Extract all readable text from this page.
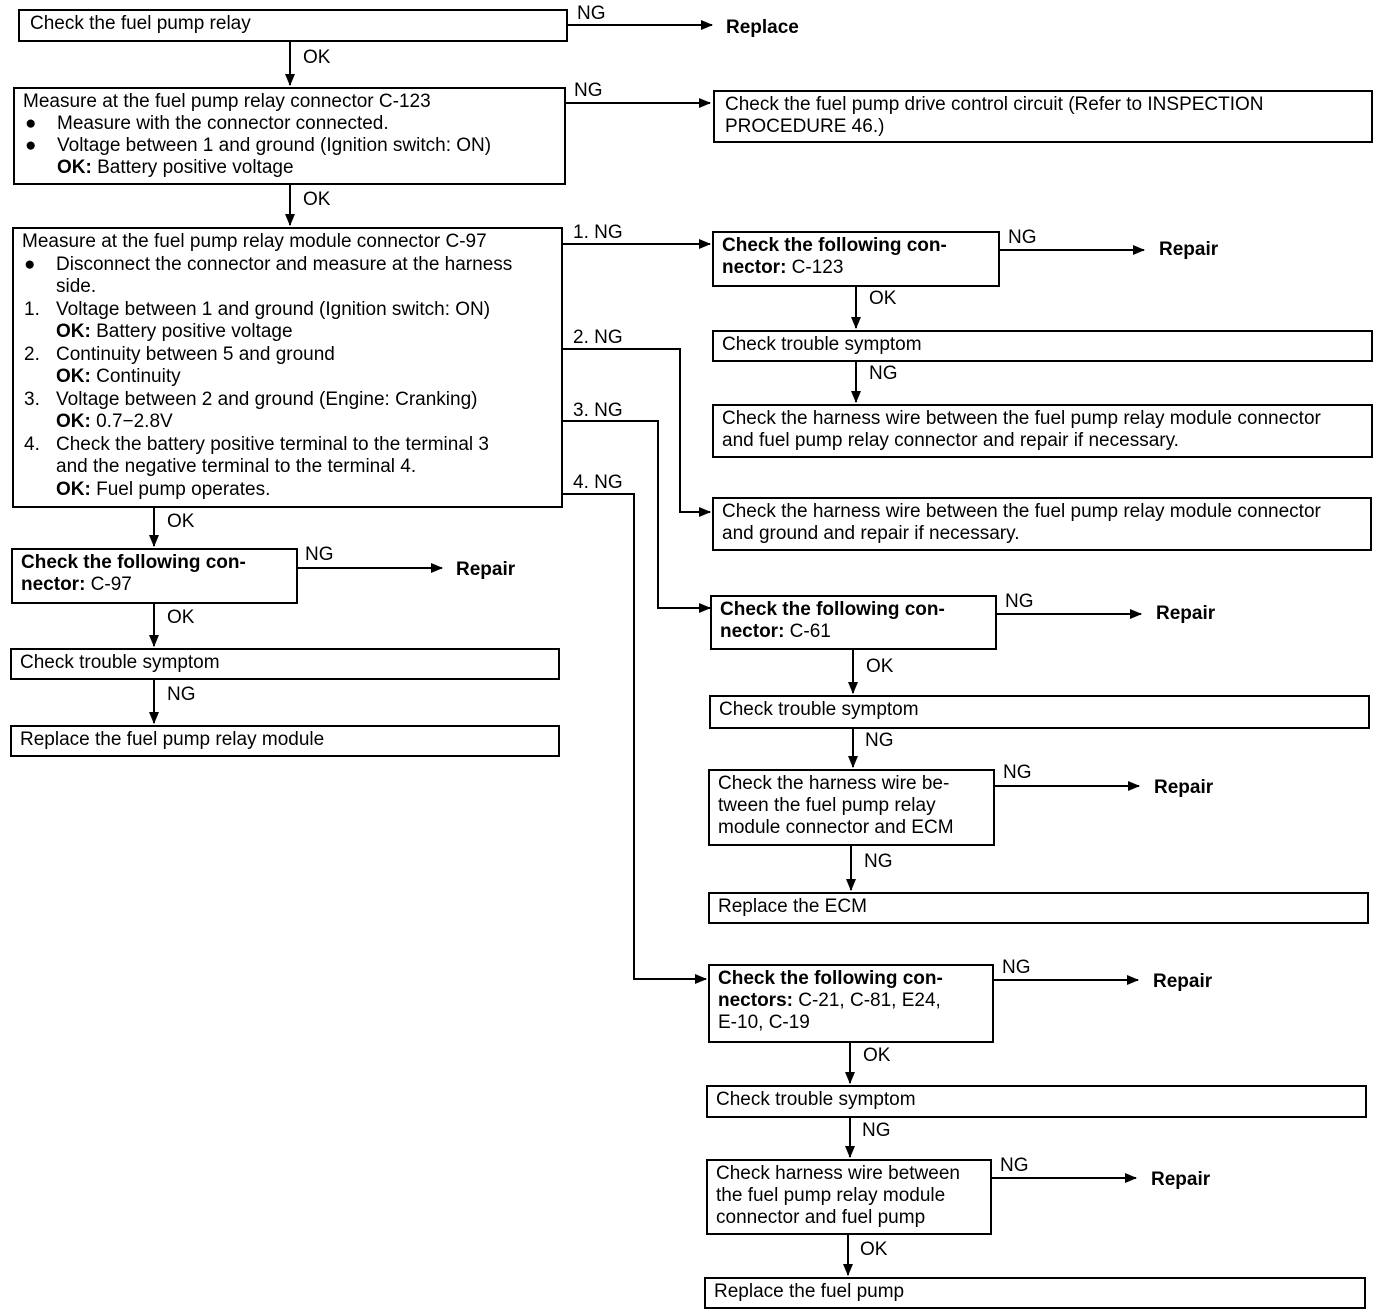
Check the fuel pump relay	NG
Replace
OK
Measure at the fuel pump relay connector C-123
● Measure with the connector connected.
● Voltage between 1 and ground (Ignition switch: ON)
OK: Battery positive voltage
NG
Check the fuel pump drive control circuit (Refer to INSPECTION
PROCEDURE 46.)
OK
Measure at the fuel pump relay module connector C-97
● Disconnect the connector and measure at the harness
side.
1. Voltage between 1 and ground (Ignition switch: ON)
OK: Battery positive voltage
2. Continuity between 5 and ground
OK: Continuity
3. Voltage between 2 and ground (Engine: Cranking)
OK: 0.7−2.8V
4. Check the battery positive terminal to the terminal 3
and the negative terminal to the terminal 4.
OK: Fuel pump operates.
1. NG
2. NG
3. NG
4. NG
OK
Check the following con-
nector: C-97
NG
Repair
OK
Check trouble symptom
NG
Replace the fuel pump relay module
Check the following con-
nector: C-123
NG
Repair
OK
Check trouble symptom
NG
Check the harness wire between the fuel pump relay module connector
and fuel pump relay connector and repair if necessary.
Check the harness wire between the fuel pump relay module connector
and ground and repair if necessary.
Check the following con-
nector: C-61
NG
Repair
OK
Check trouble symptom
NG
Check the harness wire be-
tween the fuel pump relay
module connector and ECM
NG
Repair
NG
Replace the ECM
Check the following con-
nectors: C-21, C-81, E24,
E-10, C-19
NG
Repair
OK
Check trouble symptom
NG
Check harness wire between
the fuel pump relay module
connector and fuel pump
NG
Repair
OK
Replace the fuel pump
